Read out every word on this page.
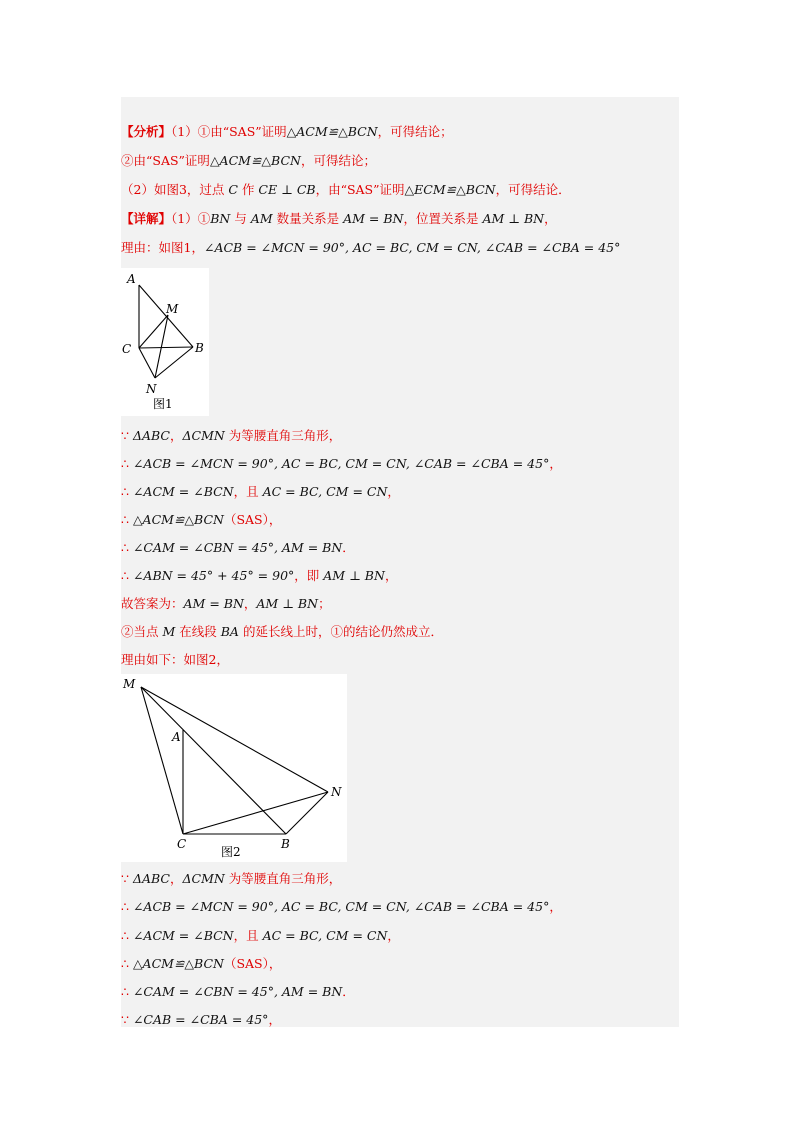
【分析】（1）①由“SAS”证明△ACM≌△BCN，可得结论；
②由“SAS”证明△ACM≌△BCN，可得结论；
（2）如图3，过点 C 作 CE ⊥ CB，由“SAS”证明△ECM≌△BCN，可得结论．
【详解】（1）①BN 与 AM 数量关系是 AM = BN，位置关系是 AM ⊥ BN，
理由：如图1，∠ACB = ∠MCN = 90°, AC = BC, CM = CN, ∠CAB = ∠CBA = 45°
A
M
C	B
N
图1
∵ ΔABC，ΔCMN 为等腰直角三角形，
∴ ∠ACB = ∠MCN = 90°, AC = BC, CM = CN, ∠CAB = ∠CBA = 45°，
∴ ∠ACM = ∠BCN，且 AC = BC, CM = CN，
∴ △ACM≌△BCN（SAS），
∴ ∠CAM = ∠CBN = 45°, AM = BN．
∴ ∠ABN = 45° + 45° = 90°，即 AM ⊥ BN，
故答案为：AM = BN，AM ⊥ BN；
②当点 M 在线段 BA 的延长线上时，①的结论仍然成立．
理由如下：如图2，
M
A
N
C	B
图2
∵ ΔABC，ΔCMN 为等腰直角三角形，
∴ ∠ACB = ∠MCN = 90°, AC = BC, CM = CN, ∠CAB = ∠CBA = 45°，
∴ ∠ACM = ∠BCN，且 AC = BC, CM = CN，
∴ △ACM≌△BCN（SAS），
∴ ∠CAM = ∠CBN = 45°, AM = BN．
∵ ∠CAB = ∠CBA = 45°，
